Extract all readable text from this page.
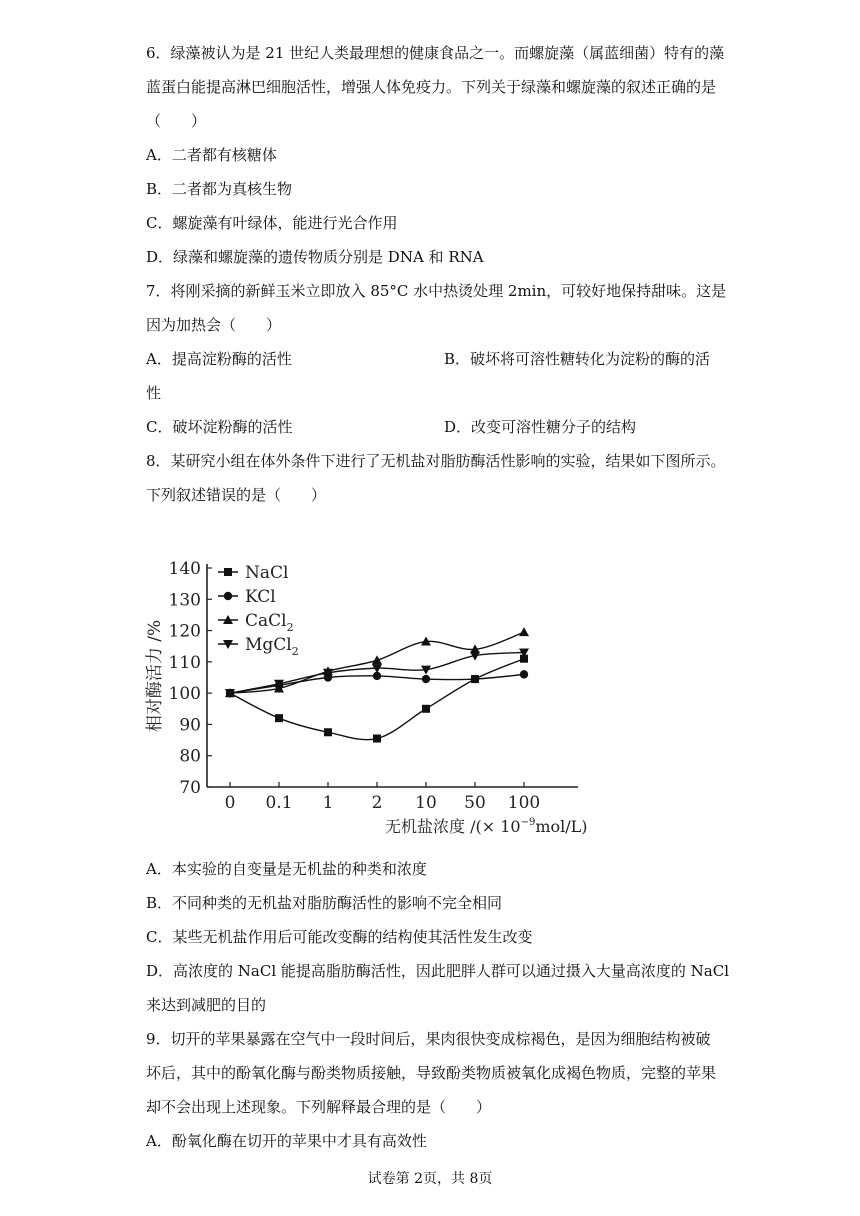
6．绿藻被认为是 21 世纪人类最理想的健康食品之一。而螺旋藻（属蓝细菌）特有的藻
蓝蛋白能提高淋巴细胞活性，增强人体免疫力。下列关于绿藻和螺旋藻的叙述正确的是
（　　）
A．二者都有核糖体
B．二者都为真核生物
C．螺旋藻有叶绿体，能进行光合作用
D．绿藻和螺旋藻的遗传物质分别是 DNA 和 RNA
7．将刚采摘的新鲜玉米立即放入 85°C 水中热烫处理 2min，可较好地保持甜味。这是
因为加热会（　　）
A．提高淀粉酶的活性	B．破坏将可溶性糖转化为淀粉的酶的活
性
C．破坏淀粉酶的活性	D．改变可溶性糖分子的结构
8．某研究小组在体外条件下进行了无机盐对脂肪酶活性影响的实验，结果如下图所示。
下列叙述错误的是（　　）
70
80
90
100
110
120
130
140
0 0.1 1 2 10 50 100
NaCl
KCl
CaCl$_2$
MgCl$_2$
相对酶活力 /%
无机盐浓度 /(× $10^{-9}mol/L$)
A．本实验的自变量是无机盐的种类和浓度
B．不同种类的无机盐对脂肪酶活性的影响不完全相同
C．某些无机盐作用后可能改变酶的结构使其活性发生改变
D．高浓度的 NaCl 能提高脂肪酶活性，因此肥胖人群可以通过摄入大量高浓度的 NaCl
来达到减肥的目的
9．切开的苹果暴露在空气中一段时间后，果肉很快变成棕褐色，是因为细胞结构被破
坏后，其中的酚氧化酶与酚类物质接触，导致酚类物质被氧化成褐色物质，完整的苹果
却不会出现上述现象。下列解释最合理的是（　　）
A．酚氧化酶在切开的苹果中才具有高效性
试卷第 2页，共 8页
